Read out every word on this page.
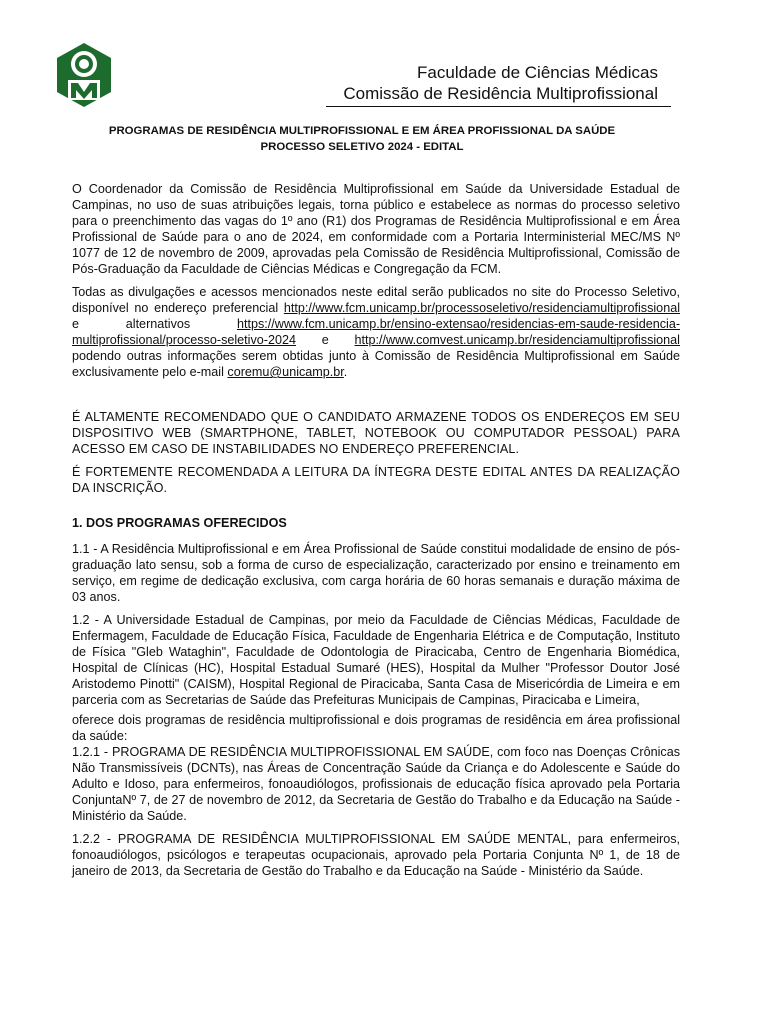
Faculdade de Ciências Médicas
Comissão de Residência Multiprofissional
PROGRAMAS DE RESIDÊNCIA MULTIPROFISSIONAL E EM ÁREA PROFISSIONAL DA SAÚDE
PROCESSO SELETIVO 2024 - EDITAL

O Coordenador da Comissão de Residência Multiprofissional em Saúde da Universidade Estadual de Campinas, no uso de suas atribuições legais, torna público e estabelece as normas do processo seletivo para o preenchimento das vagas do 1º ano (R1) dos Programas de Residência Multiprofissional e em Área Profissional de Saúde para o ano de 2024, em conformidade com a Portaria Interministerial MEC/MS Nº 1077 de 12 de novembro de 2009, aprovadas pela Comissão de Residência Multiprofissional, Comissão de Pós-Graduação da Faculdade de Ciências Médicas e Congregação da FCM.

Todas as divulgações e acessos mencionados neste edital serão publicados no site do Processo Seletivo, disponível no endereço preferencial http://www.fcm.unicamp.br/processoseletivo/residenciamultiprofissional e alternativos	https://www.fcm.unicamp.br/ensino-extensao/residencias-em-saude-residencia-multiprofissional/processo-seletivo-2024 e http://www.comvest.unicamp.br/residenciamultiprofissional podendo outras informações serem obtidas junto à Comissão de Residência Multiprofissional em Saúde exclusivamente pelo e-mail coremu@unicamp.br.

É ALTAMENTE RECOMENDADO QUE O CANDIDATO ARMAZENE TODOS OS ENDEREÇOS EM SEU DISPOSITIVO WEB (SMARTPHONE, TABLET, NOTEBOOK OU COMPUTADOR PESSOAL) PARA ACESSO EM CASO DE INSTABILIDADES NO ENDEREÇO PREFERENCIAL.

É FORTEMENTE RECOMENDADA A LEITURA DA ÍNTEGRA DESTE EDITAL ANTES DA REALIZAÇÃO DA INSCRIÇÃO.

1. DOS PROGRAMAS OFERECIDOS

1.1 - A Residência Multiprofissional e em Área Profissional de Saúde constitui modalidade de ensino de pós-graduação lato sensu, sob a forma de curso de especialização, caracterizado por ensino e treinamento em serviço, em regime de dedicação exclusiva, com carga horária de 60 horas semanais e duração máxima de 03 anos.

1.2 - A Universidade Estadual de Campinas, por meio da Faculdade de Ciências Médicas, Faculdade de Enfermagem, Faculdade de Educação Física, Faculdade de Engenharia Elétrica e de Computação, Instituto de Física "Gleb Wataghin", Faculdade de Odontologia de Piracicaba, Centro de Engenharia Biomédica, Hospital de Clínicas (HC), Hospital Estadual Sumaré (HES), Hospital da Mulher "Professor Doutor José Aristodemo Pinotti" (CAISM), Hospital Regional de Piracicaba, Santa Casa de Misericórdia de Limeira e em parceria com as Secretarias de Saúde das Prefeituras Municipais de Campinas, Piracicaba e Limeira,

oferece dois programas de residência multiprofissional e dois programas de residência em área profissional da saúde:

1.2.1 - PROGRAMA DE RESIDÊNCIA MULTIPROFISSIONAL EM SAÚDE, com foco nas Doenças Crônicas Não Transmissíveis (DCNTs), nas Áreas de Concentração Saúde da Criança e do Adolescente e Saúde do Adulto e Idoso, para enfermeiros, fonoaudiólogos, profissionais de educação física aprovado pela Portaria ConjuntaNº 7, de 27 de novembro de 2012, da Secretaria de Gestão do Trabalho e da Educação na Saúde - Ministério da Saúde.

1.2.2 - PROGRAMA DE RESIDÊNCIA MULTIPROFISSIONAL EM SAÚDE MENTAL, para enfermeiros, fonoaudiólogos, psicólogos e terapeutas ocupacionais, aprovado pela Portaria Conjunta Nº 1, de 18 de janeiro de 2013, da Secretaria de Gestão do Trabalho e da Educação na Saúde - Ministério da Saúde.
